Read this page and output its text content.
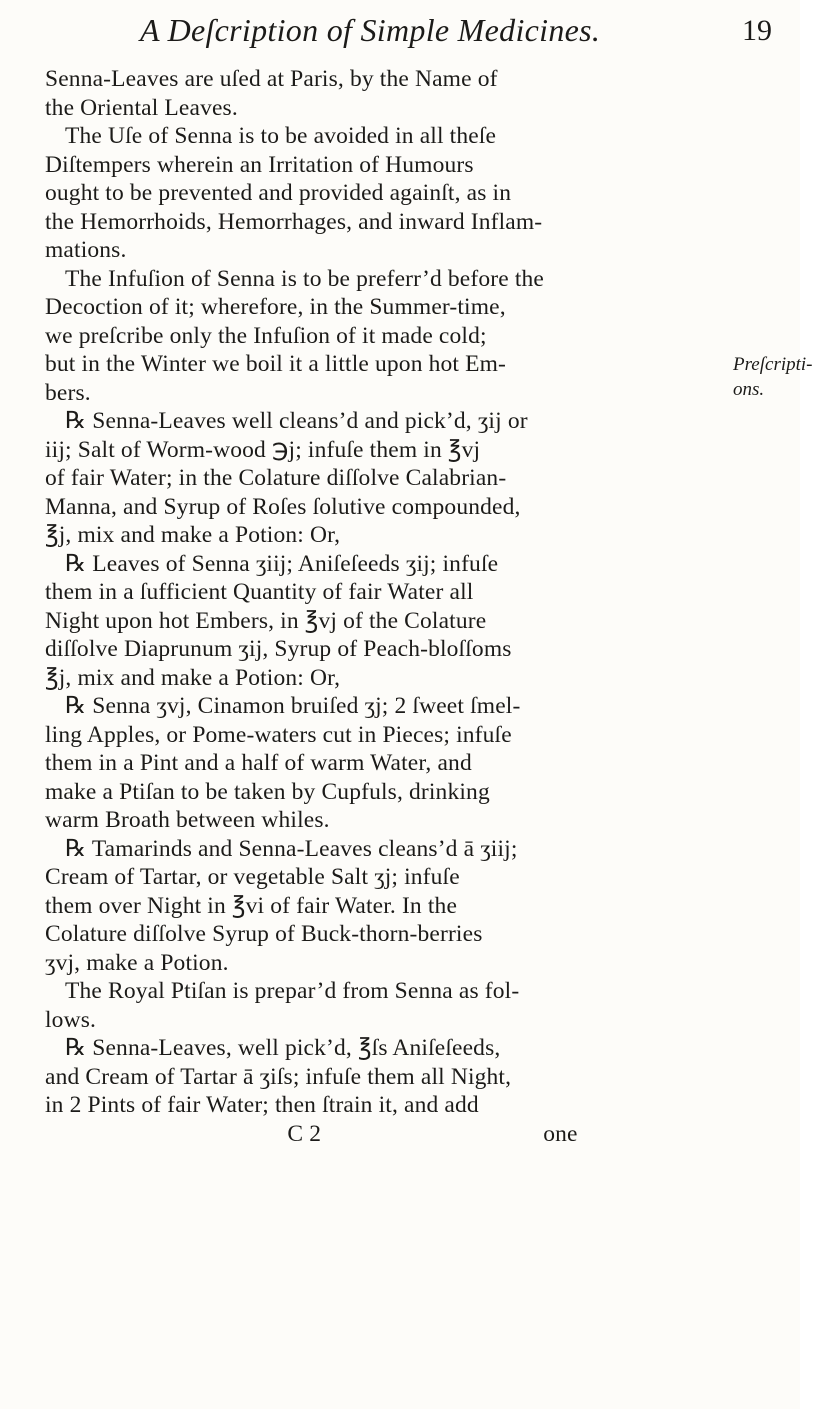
A Deſcription of Simple Medicines.	19
Preſcripti-
ons.
Senna-Leaves are uſed at Paris, by the Name of
the Oriental Leaves.
The Uſe of Senna is to be avoided in all theſe
Diſtempers wherein an Irritation of Humours
ought to be prevented and provided againſt, as in
the Hemorrhoids, Hemorrhages, and inward Inflam-
mations.
The Infuſion of Senna is to be preferr’d before the
Decoction of it; wherefore, in the Summer-time,
we preſcribe only the Infuſion of it made cold;
but in the Winter we boil it a little upon hot Em-
bers.
℞ Senna-Leaves well cleans’d and pick’d, ʒij or
iij; Salt of Worm-wood ℈j; infuſe them in ℥vj
of fair Water; in the Colature diſſolve Calabrian-
Manna, and Syrup of Roſes ſolutive compounded,
℥j, mix and make a Potion: Or,
℞ Leaves of Senna ʒiij; Aniſeſeeds ʒij; infuſe
them in a ſufficient Quantity of fair Water all
Night upon hot Embers, in ℥vj of the Colature
diſſolve Diaprunum ʒij, Syrup of Peach-bloſſoms
℥j, mix and make a Potion: Or,
℞ Senna ʒvj, Cinamon bruiſed ʒj; 2 ſweet ſmel-
ling Apples, or Pome-waters cut in Pieces; infuſe
them in a Pint and a half of warm Water, and
make a Ptiſan to be taken by Cupfuls, drinking
warm Broath between whiles.
℞ Tamarinds and Senna-Leaves cleans’d ā ʒiij;
Cream of Tartar, or vegetable Salt ʒj; infuſe
them over Night in ℥vi of fair Water. In the
Colature diſſolve Syrup of Buck-thorn-berries
ʒvj, make a Potion.
The Royal Ptiſan is prepar’d from Senna as fol-
lows.
℞ Senna-Leaves, well pick’d, ℥ſs Aniſeſeeds,
and Cream of Tartar ā ʒiſs; infuſe them all Night,
in 2 Pints of fair Water; then ſtrain it, and add
C 2	one
